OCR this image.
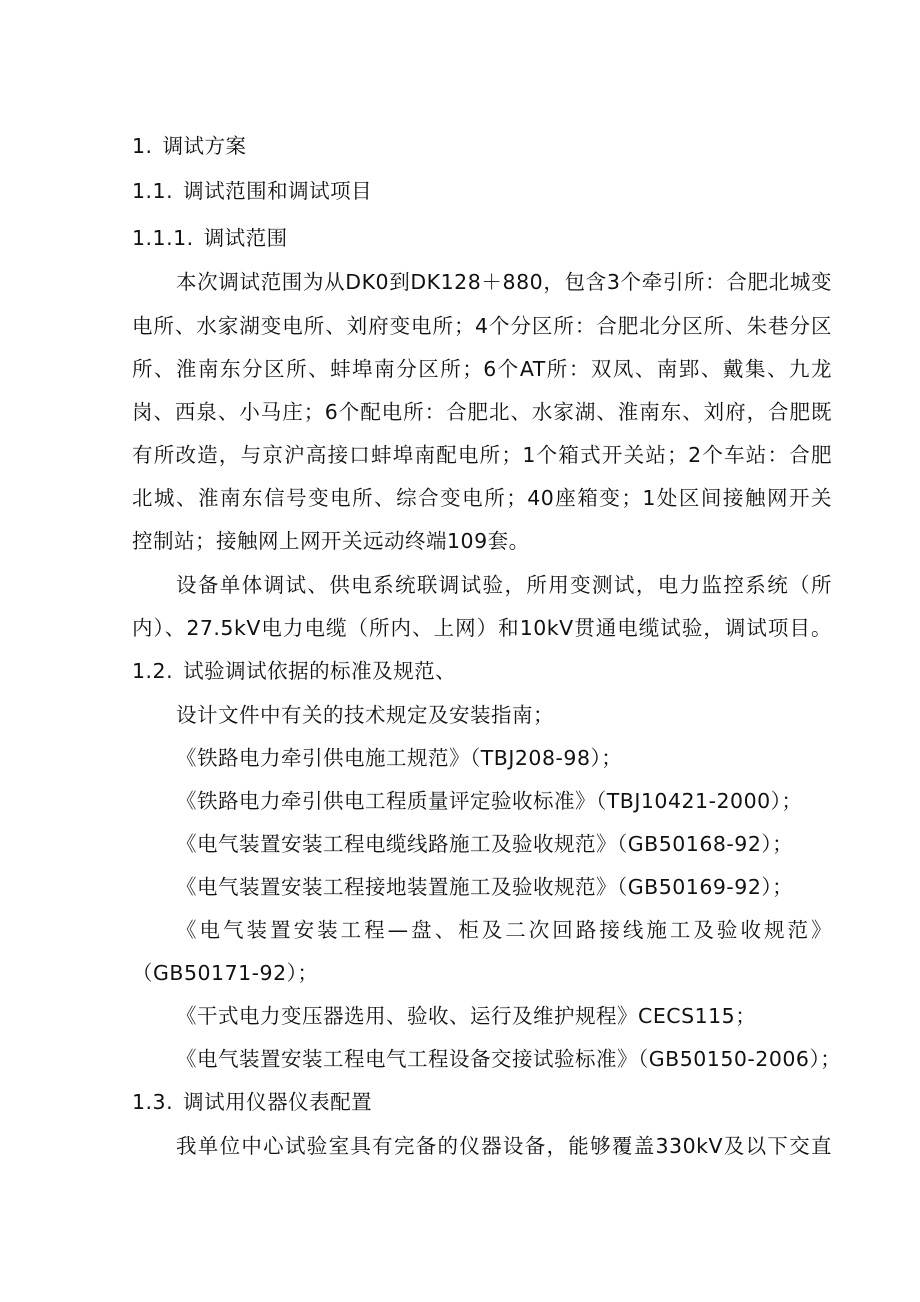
1. 调试方案
1.1. 调试范围和调试项目
1.1.1. 调试范围
本次调试范围为从DK0到DK128＋880，包含3个牵引所：合肥北城变
电所、水家湖变电所、刘府变电所；4个分区所：合肥北分区所、朱巷分区
所、淮南东分区所、蚌埠南分区所；6个AT所：双凤、南郢、戴集、九龙
岗、西泉、小马庄；6个配电所：合肥北、水家湖、淮南东、刘府，合肥既
有所改造，与京沪高接口蚌埠南配电所；1个箱式开关站；2个车站：合肥
北城、淮南东信号变电所、综合变电所；40座箱变；1处区间接触网开关
控制站；接触网上网开关远动终端109套。
设备单体调试、供电系统联调试验，所用变测试，电力监控系统（所
内）、27.5kV电力电缆（所内、上网）和10kV贯通电缆试验，调试项目。
1.2. 试验调试依据的标准及规范、
设计文件中有关的技术规定及安装指南；
《铁路电力牵引供电施工规范》（TBJ208-98）；
《铁路电力牵引供电工程质量评定验收标准》（TBJ10421-2000）；
《电气装置安装工程电缆线路施工及验收规范》（GB50168-92）；
《电气装置安装工程接地装置施工及验收规范》（GB50169-92）；
《电气装置安装工程—盘、柜及二次回路接线施工及验收规范》
（GB50171-92）；
《干式电力变压器选用、验收、运行及维护规程》CECS115；
《电气装置安装工程电气工程设备交接试验标准》（GB50150-2006）；
1.3. 调试用仪器仪表配置
我单位中心试验室具有完备的仪器设备，能够覆盖330kV及以下交直
